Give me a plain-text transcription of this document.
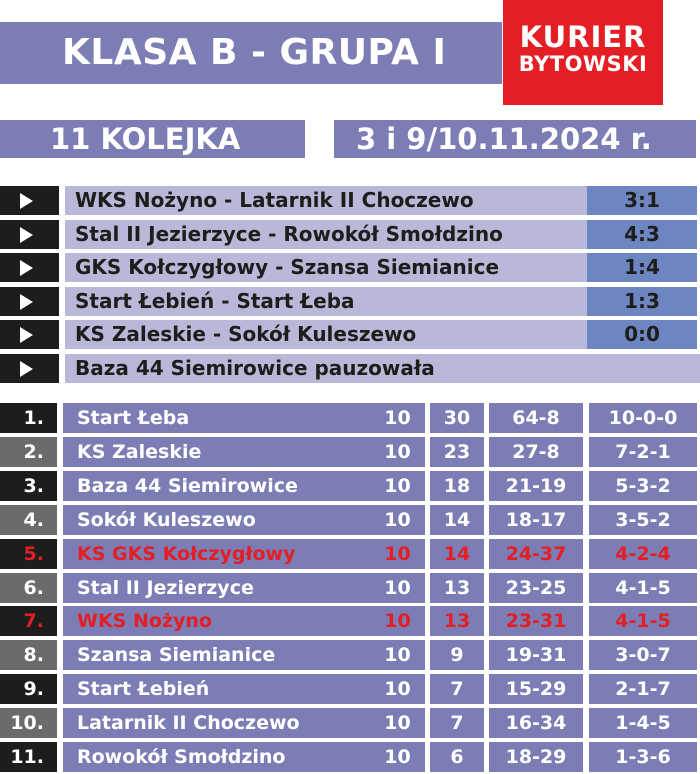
KLASA B - GRUPA I	KURIER
BYTOWSKI
11 KOLEJKA	3 i 9/10.11.2024 r.
WKS Nożyno - Latarnik II Choczewo	3:1
Stal II Jezierzyce - Rowokół Smołdzino	4:3
GKS Kołczygłowy - Szansa Siemianice	1:4
Start Łebień - Start Łeba	1:3
KS Zaleskie - Sokół Kuleszewo	0:0
Baza 44 Siemirowice pauzowała
1.	Start Łeba	10	30	64-8	10-0-0
2.	KS Zaleskie	10	23	27-8	7-2-1
3.	Baza 44 Siemirowice	10	18	21-19	5-3-2
4.	Sokół Kuleszewo	10	14	18-17	3-5-2
5.	KS GKS Kołczygłowy	10	14	24-37	4-2-4
6.	Stal II Jezierzyce	10	13	23-25	4-1-5
7.	WKS Nożyno	10	13	23-31	4-1-5
8.	Szansa Siemianice	10	9	19-31	3-0-7
9.	Start Łebień	10	7	15-29	2-1-7
10.	Latarnik II Choczewo	10	7	16-34	1-4-5
11.	Rowokół Smołdzino	10	6	18-29	1-3-6
